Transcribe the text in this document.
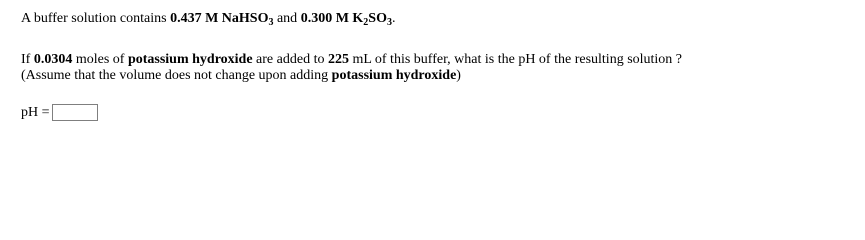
A buffer solution contains 0.437 M NaHSO$_3$ and 0.300 M $K_2SO_3$.
If 0.0304 moles of potassium hydroxide are added to 225 mL of this buffer, what is the pH of the resulting solution ?
(Assume that the volume does not change upon adding potassium hydroxide)
pH =
